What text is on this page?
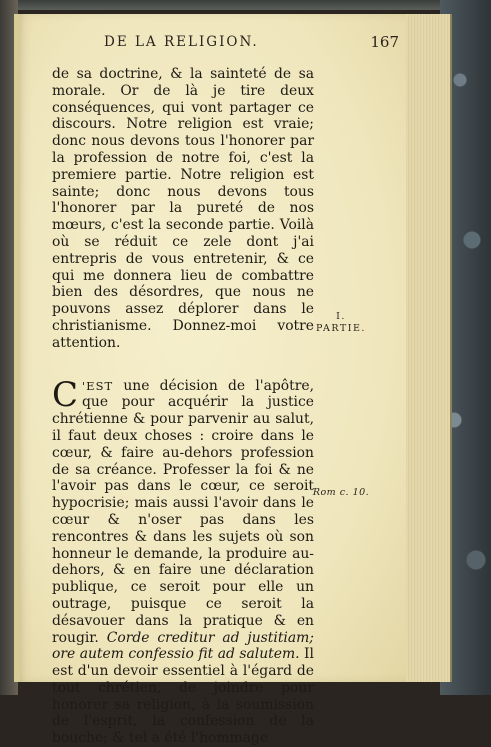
DE LA RELIGION.	167

de sa doctrine, & la sainteté de sa morale. Or de là je tire deux conséquences, qui vont partager ce discours. Notre religion est vraie; donc nous devons tous l'honorer par la profession de notre foi, c'est la premiere partie. Notre religion est sainte; donc nous devons tous l'honorer par la pureté de nos mœurs, c'est la seconde partie. Voilà où se réduit ce zele dont j'ai entrepris de vous entretenir, & ce qui me donnera lieu de combattre bien des désordres, que nous ne pouvons assez déplorer dans le christianisme. Donnez-moi votre attention.

C 'EST une décision de l'apôtre, que pour acquérir la justice chrétienne & pour parvenir au salut, il faut deux choses : croire dans le cœur, & faire au-dehors profession de sa créance. Professer la foi & ne l'avoir pas dans le cœur, ce seroit hypocrisie; mais aussi l'avoir dans le cœur & n'oser pas dans les rencontres & dans les sujets où son honneur le demande, la produire au-dehors, & en faire une déclaration publique, ce seroit pour elle un outrage, puisque ce seroit la désavouer dans la pratique & en rougir. Corde creditur ad justitiam; ore autem confessio fit ad salutem. Il est d'un devoir essentiel à l'égard de tout chrétien, de joindre pour honorer sa religion, à la soumission de l'esprit, la confession de la bouche; & tel a été l'hommage

I.
PARTIE.
Rom c. 10.
